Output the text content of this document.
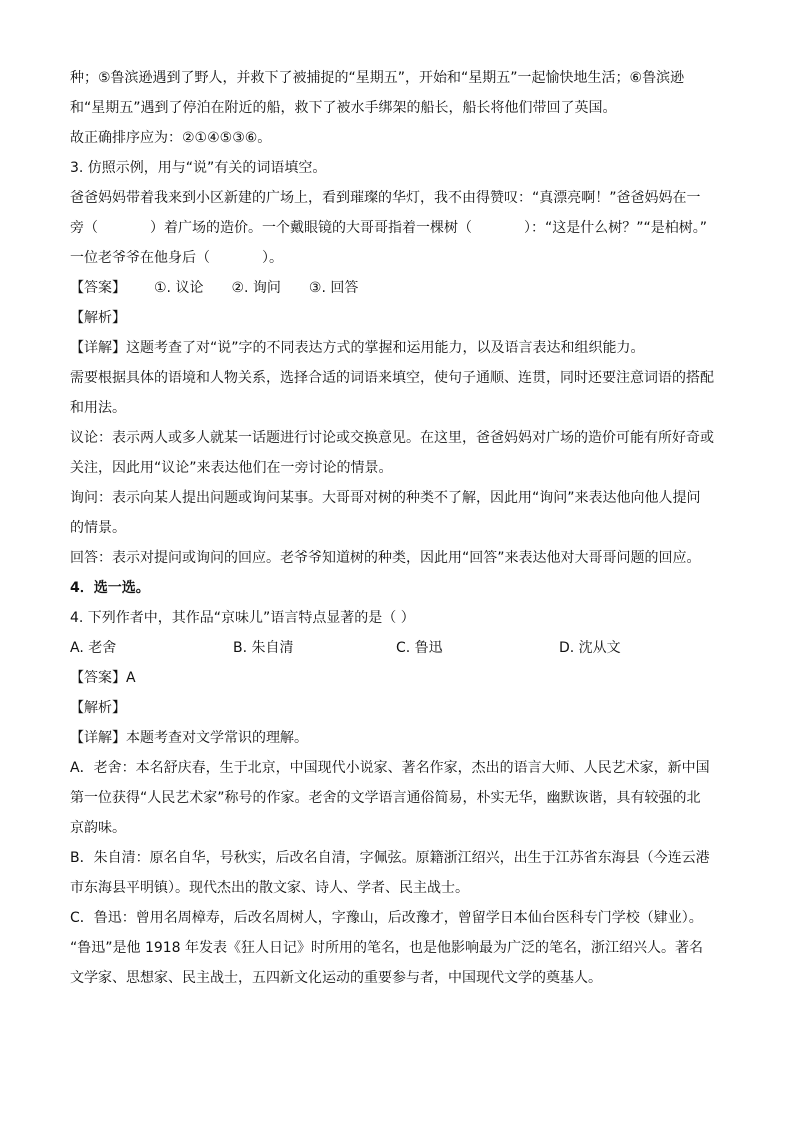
种；⑤鲁滨逊遇到了野人，并救下了被捕捉的“星期五”，开始和“星期五”一起愉快地生活；⑥鲁滨逊
和“星期五”遇到了停泊在附近的船，救下了被水手绑架的船长，船长将他们带回了英国。
故正确排序应为：②①④⑤③⑥。
3. 仿照示例，用与“说”有关的词语填空。
爸爸妈妈带着我来到小区新建的广场上，看到璀璨的华灯，我不由得赞叹：“真漂亮啊！”爸爸妈妈在一
旁（	）着广场的造价。一个戴眼镜的大哥哥指着一棵树（	）：“这是什么树？”“是柏树。”
一位老爷爷在他身后（	）。
【答案】 ①. 议论 ②. 询问 ③. 回答
【解析】
【详解】这题考查了对“说”字的不同表达方式的掌握和运用能力，以及语言表达和组织能力。
需要根据具体的语境和人物关系，选择合适的词语来填空，使句子通顺、连贯，同时还要注意词语的搭配
和用法。
议论：表示两人或多人就某一话题进行讨论或交换意见。在这里，爸爸妈妈对广场的造价可能有所好奇或
关注，因此用“议论”来表达他们在一旁讨论的情景。
询问：表示向某人提出问题或询问某事。大哥哥对树的种类不了解，因此用“询问”来表达他向他人提问
的情景。
回答：表示对提问或询问的回应。老爷爷知道树的种类，因此用“回答”来表达他对大哥哥问题的回应。
4．选一选。
4. 下列作者中，其作品“京味儿”语言特点显著的是（ ）
A. 老舍	B. 朱自清	C. 鲁迅	D. 沈从文
【答案】A
【解析】
【详解】本题考查对文学常识的理解。
A．老舍：本名舒庆春，生于北京，中国现代小说家、著名作家，杰出的语言大师、人民艺术家，新中国
第一位获得“人民艺术家”称号的作家。老舍的文学语言通俗简易，朴实无华，幽默诙谐，具有较强的北
京韵味。
B．朱自清：原名自华，号秋实，后改名自清，字佩弦。原籍浙江绍兴，出生于江苏省东海县（今连云港
市东海县平明镇）。现代杰出的散文家、诗人、学者、民主战士。
C．鲁迅：曾用名周樟寿，后改名周树人，字豫山，后改豫才，曾留学日本仙台医科专门学校（肄业）。
“鲁迅”是他 1918 年发表《狂人日记》时所用的笔名，也是他影响最为广泛的笔名，浙江绍兴人。著名
文学家、思想家、民主战士，五四新文化运动的重要参与者，中国现代文学的奠基人。
